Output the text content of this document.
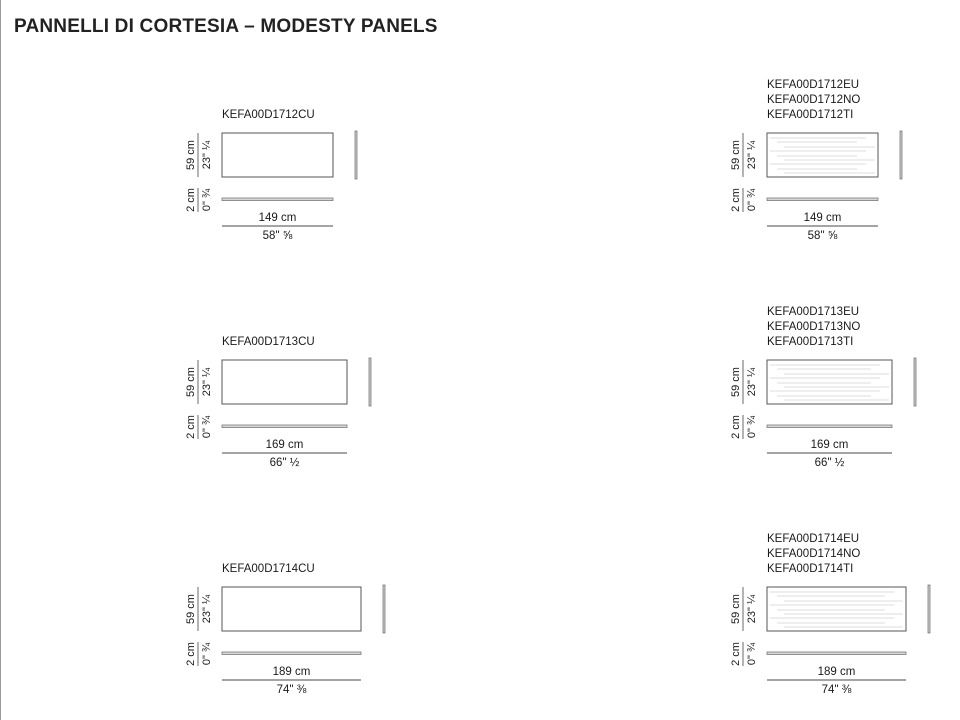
PANNELLI DI CORTESIA – MODESTY PANELS
59 cm 23" ¼
2 cm 0" ¾
149 cm
58" ⅝
KEFA00D1712CU
59 cm 23" ¼
2 cm 0" ¾
149 cm
58" ⅝
KEFA00D1712EU
KEFA00D1712NO
KEFA00D1712TI
59 cm 23" ¼
2 cm 0" ¾
169 cm
66" ½
KEFA00D1713CU
59 cm 23" ¼
2 cm 0" ¾
169 cm
66" ½
KEFA00D1713EU
KEFA00D1713NO
KEFA00D1713TI
59 cm 23" ¼
2 cm 0" ¾
189 cm
74" ⅜
KEFA00D1714CU
59 cm 23" ¼
2 cm 0" ¾
189 cm
74" ⅜
KEFA00D1714EU
KEFA00D1714NO
KEFA00D1714TI
